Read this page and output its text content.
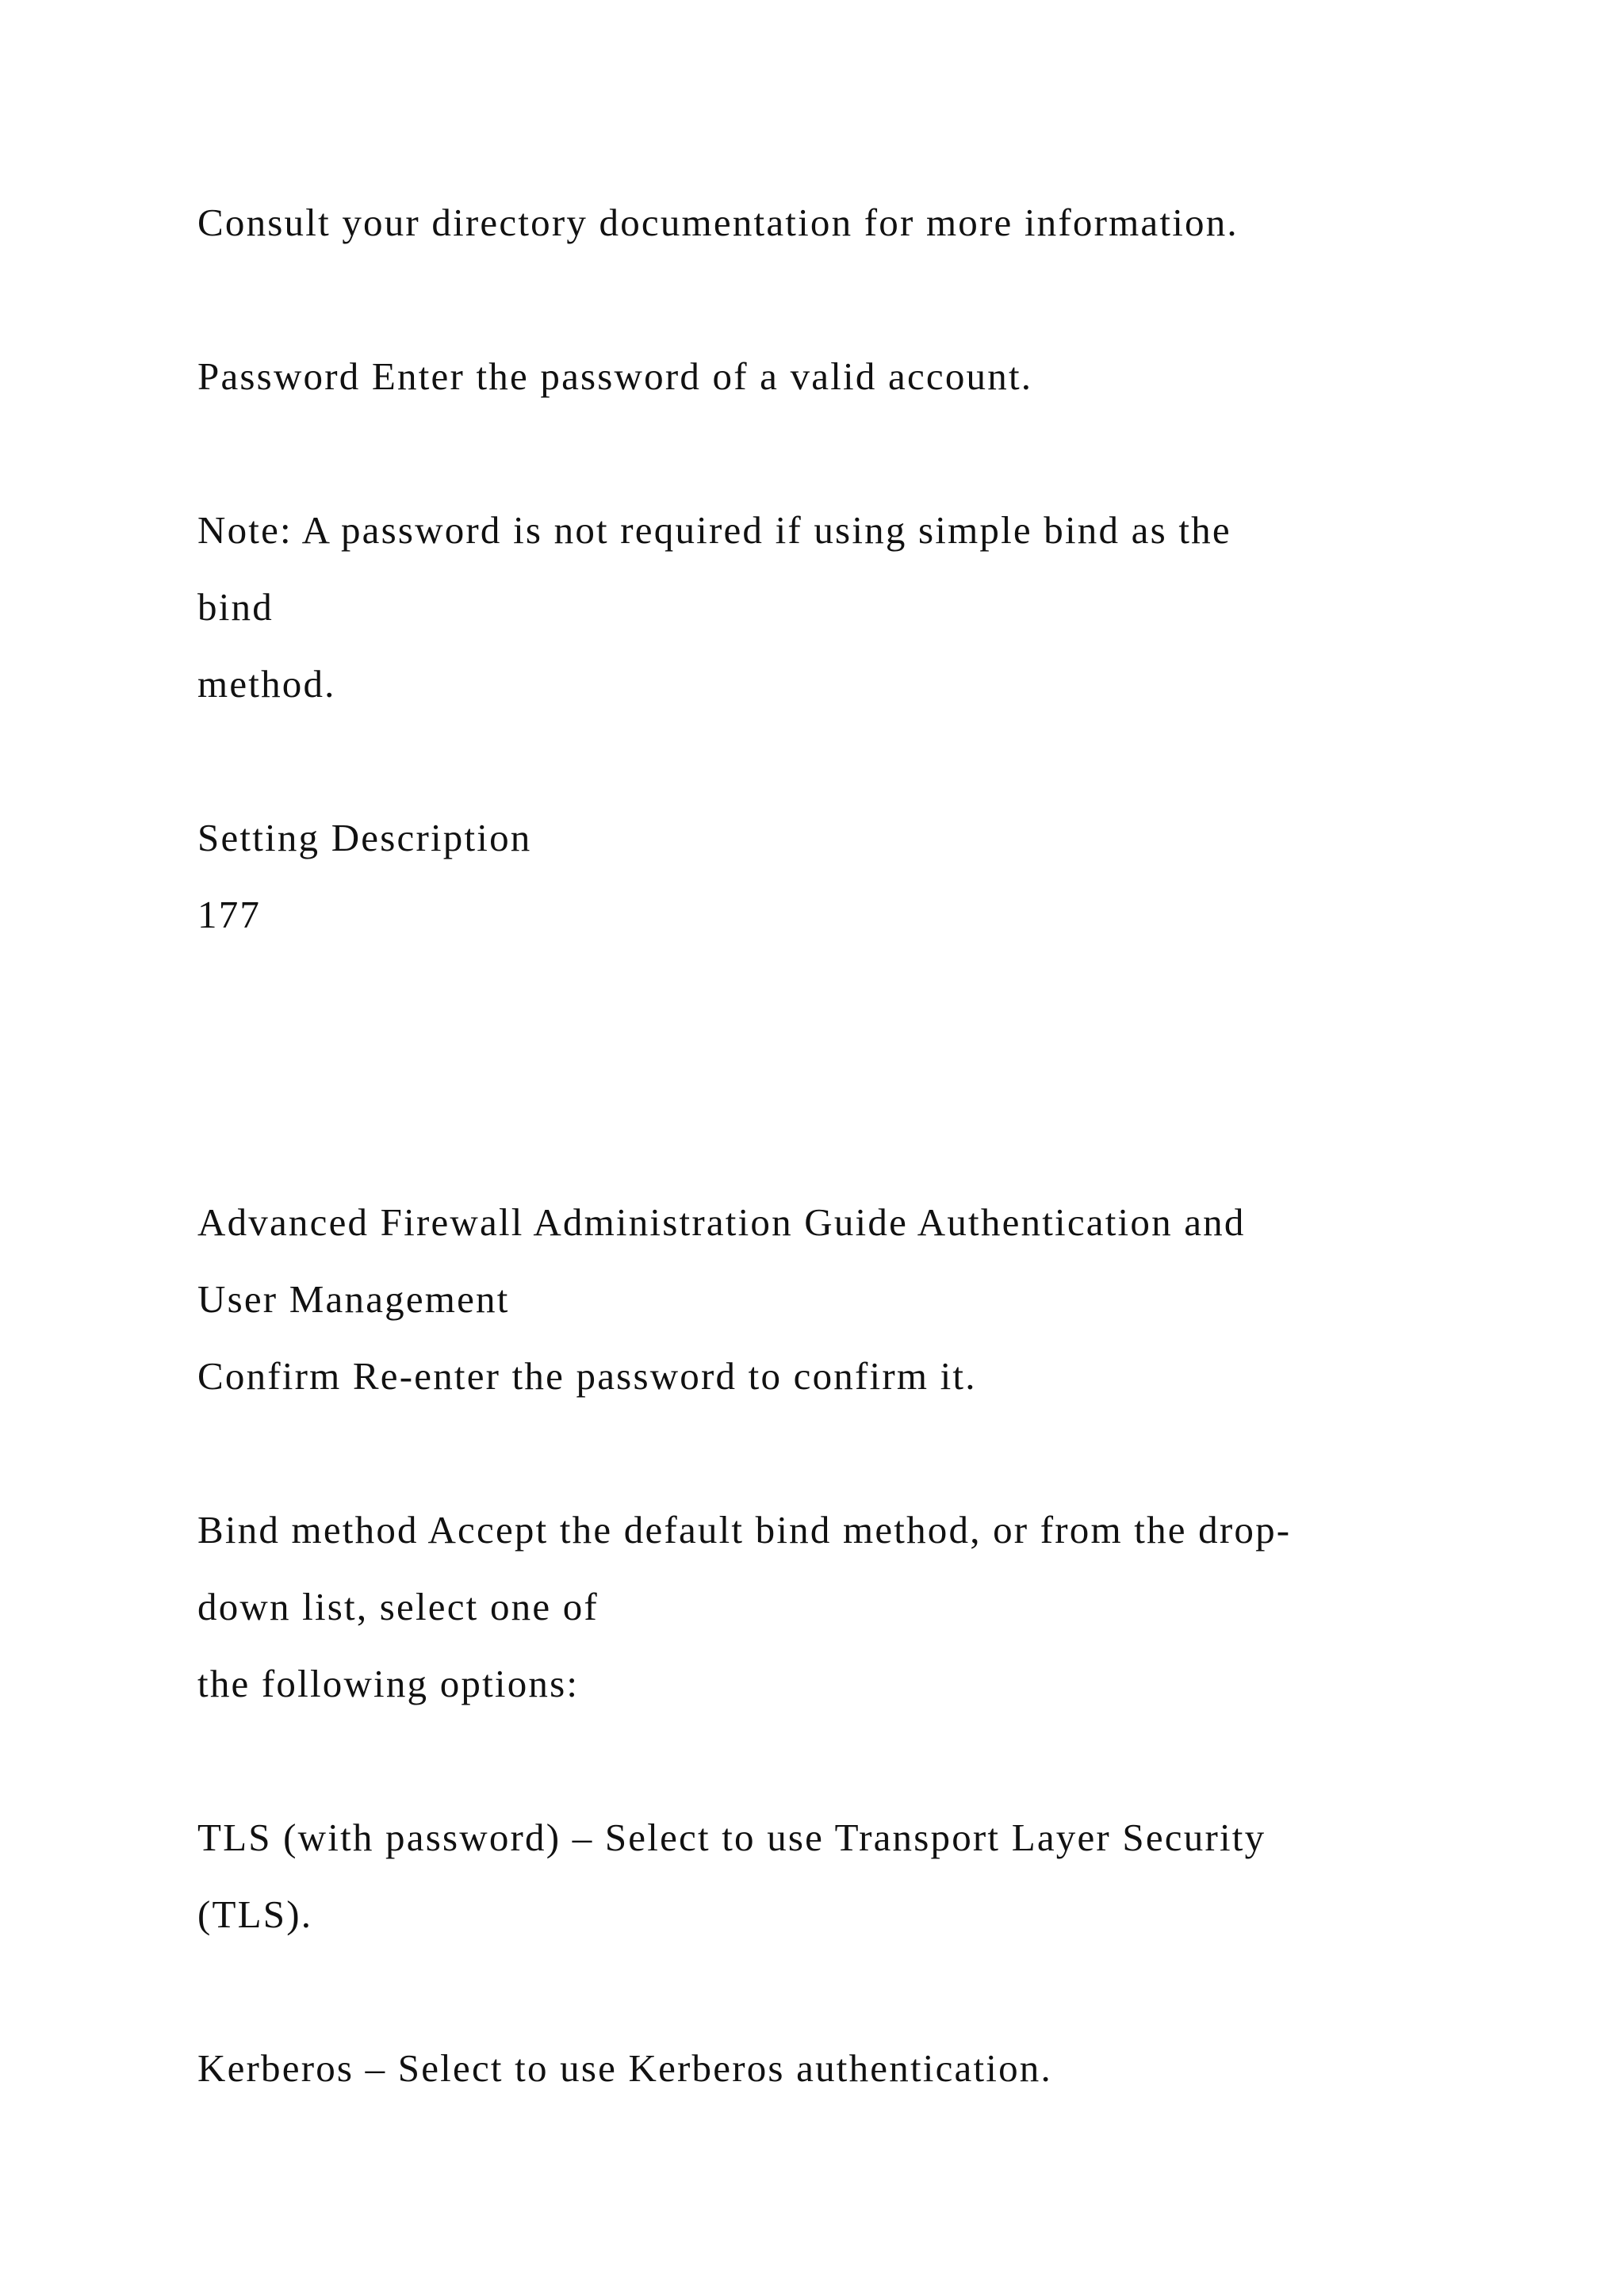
Consult your directory documentation for more information.
Password Enter the password of a valid account.
Note: A password is not required if using simple bind as the
bind
method.
Setting Description
177
Advanced Firewall Administration Guide Authentication and
User Management
Confirm Re-enter the password to confirm it.
Bind method Accept the default bind method, or from the drop-
down list, select one of
the following options:
TLS (with password) – Select to use Transport Layer Security
(TLS).
Kerberos – Select to use Kerberos authentication.
